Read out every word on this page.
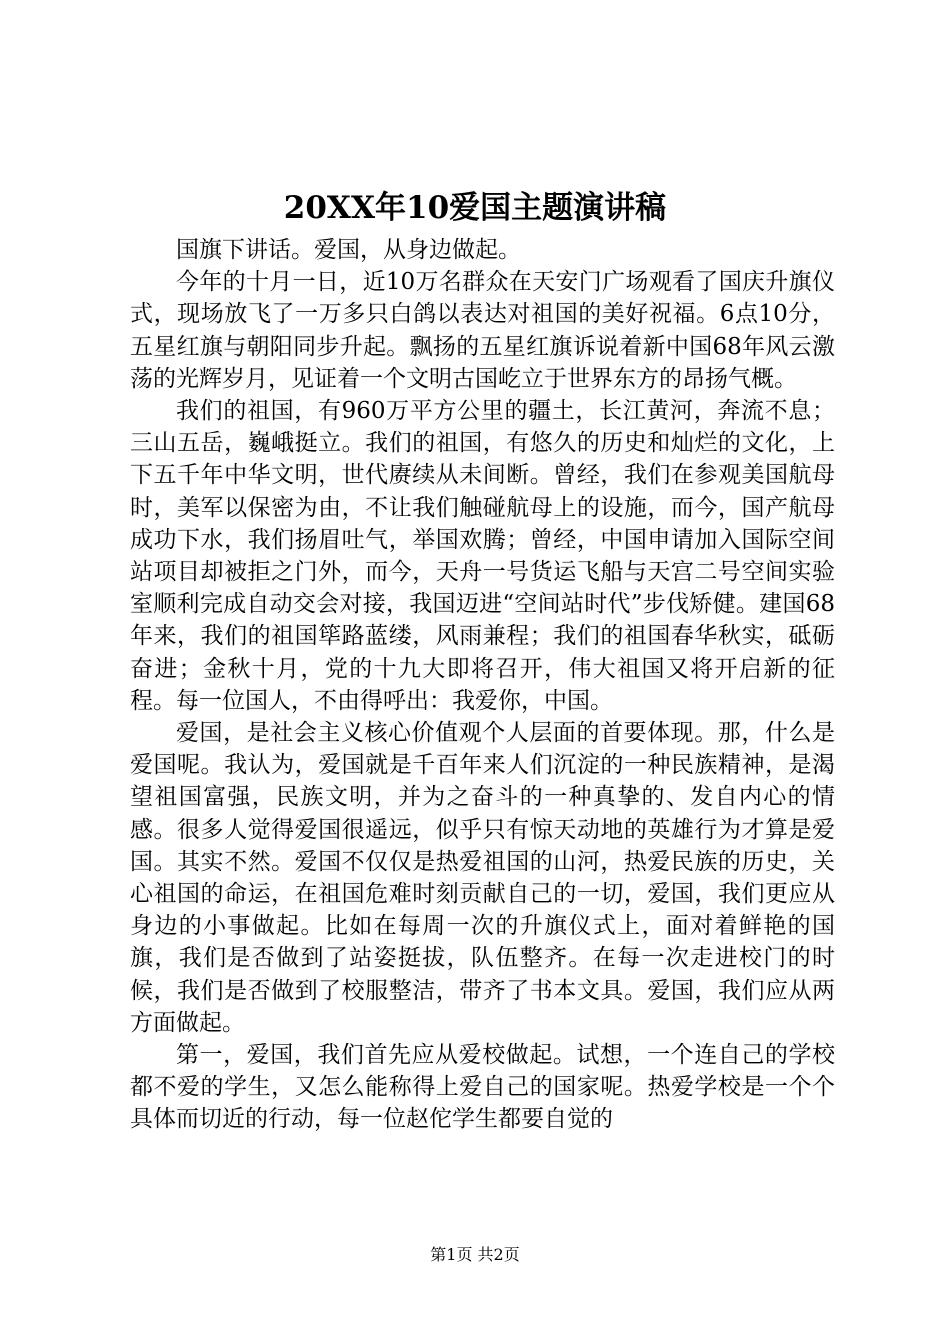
20XX年10爱国主题演讲稿

国旗下讲话。爱国，从身边做起。

今年的十月一日，近10万名群众在天安门广场观看了国庆升旗仪式，现场放飞了一万多只白鸽以表达对祖国的美好祝福。6点10分，五星红旗与朝阳同步升起。飘扬的五星红旗诉说着新中国68年风云激荡的光辉岁月，见证着一个文明古国屹立于世界东方的昂扬气概。

我们的祖国，有960万平方公里的疆土，长江黄河，奔流不息；三山五岳，巍峨挺立。我们的祖国，有悠久的历史和灿烂的文化，上下五千年中华文明，世代赓续从未间断。曾经，我们在参观美国航母时，美军以保密为由，不让我们触碰航母上的设施，而今，国产航母成功下水，我们扬眉吐气，举国欢腾；曾经，中国申请加入国际空间站项目却被拒之门外，而今，天舟一号货运飞船与天宫二号空间实验室顺利完成自动交会对接，我国迈进“空间站时代”步伐矫健。建国68年来，我们的祖国筚路蓝缕，风雨兼程；我们的祖国春华秋实，砥砺奋进；金秋十月，党的十九大即将召开，伟大祖国又将开启新的征程。每一位国人，不由得呼出：我爱你，中国。

爱国，是社会主义核心价值观个人层面的首要体现。那，什么是爱国呢。我认为，爱国就是千百年来人们沉淀的一种民族精神，是渴望祖国富强，民族文明，并为之奋斗的一种真挚的、发自内心的情感。很多人觉得爱国很遥远，似乎只有惊天动地的英雄行为才算是爱国。其实不然。爱国不仅仅是热爱祖国的山河，热爱民族的历史，关心祖国的命运，在祖国危难时刻贡献自己的一切，爱国，我们更应从身边的小事做起。比如在每周一次的升旗仪式上，面对着鲜艳的国旗，我们是否做到了站姿挺拔，队伍整齐。在每一次走进校门的时候，我们是否做到了校服整洁，带齐了书本文具。爱国，我们应从两方面做起。

第一，爱国，我们首先应从爱校做起。试想，一个连自己的学校都不爱的学生，又怎么能称得上爱自己的国家呢。热爱学校是一个个具体而切近的行动，每一位赵佗学生都要自觉的

第1页 共2页
